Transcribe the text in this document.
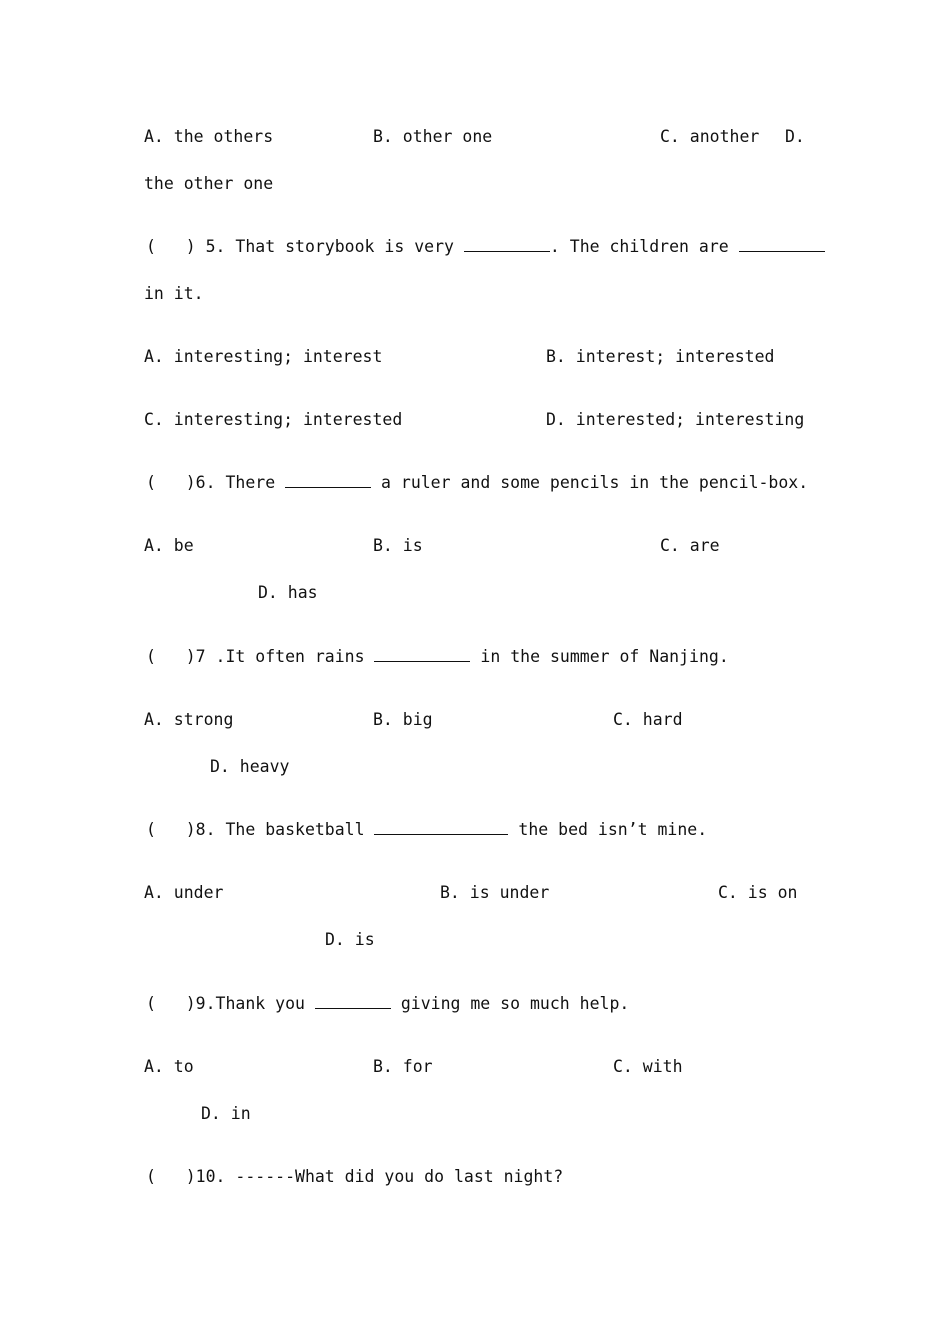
A. the others	B. other one	C. another D.
the other one
(   ) 5. That storybook is very	. The children are
in it.
A. interesting; interest	B. interest; interested
C. interesting; interested	D. interested; interesting
(   )6. There	a ruler and some pencils in the pencil-box.
A. be	B. is	C. are
D. has
(   )7 .It often rains	in the summer of Nanjing.
A. strong	B. big	C. hard
D. heavy
(   )8. The basketball	the bed isn’t mine.
A. under	B. is under	C. is on
D. is
(   )9.Thank you	giving me so much help.
A. to	B. for	C. with
D. in
(   )10. ------What did you do last night?
